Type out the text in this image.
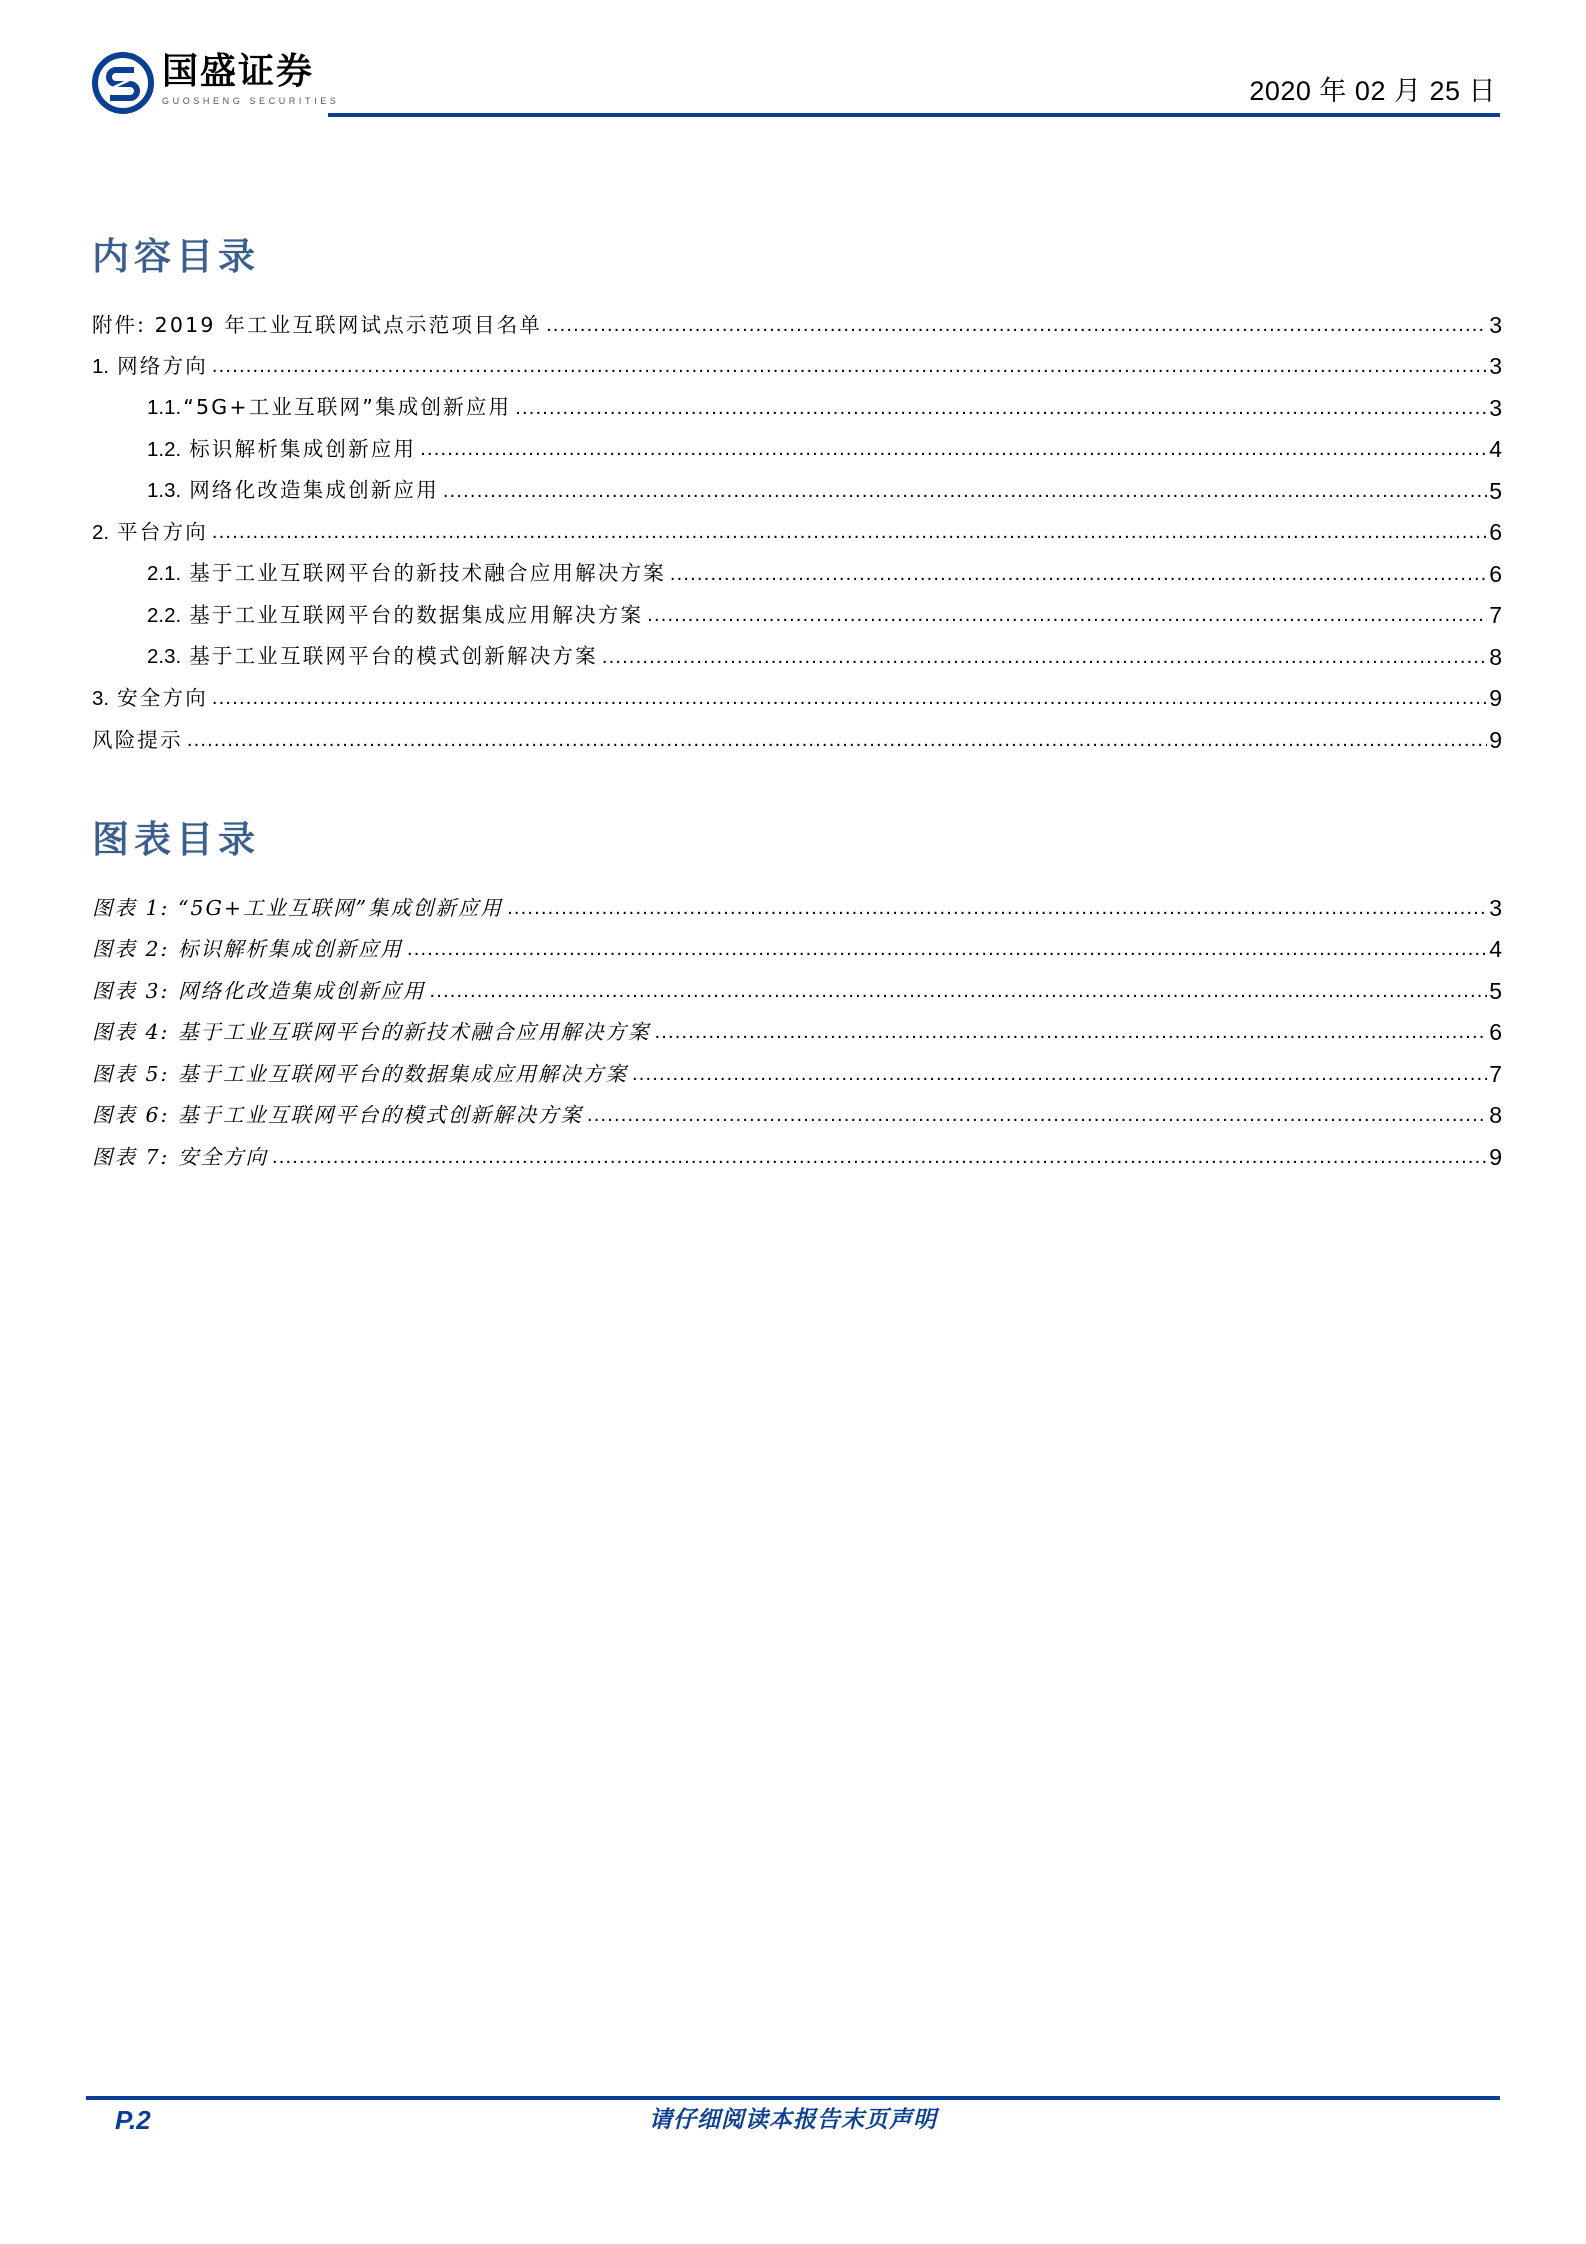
国盛证券
GUOSHENG SECURITIES	2020 年 02 月 25 日
内容目录
附件: 2019 年工业互联网试点示范项目名单 .....	3
1. 网络方向 .....	3
1.1.“5G+工业互联网”集成创新应用 .....	3
1.2. 标识解析集成创新应用 .....	4
1.3. 网络化改造集成创新应用 .....	5
2. 平台方向 .....	6
2.1. 基于工业互联网平台的新技术融合应用解决方案 .....	6
2.2. 基于工业互联网平台的数据集成应用解决方案 .....	7
2.3. 基于工业互联网平台的模式创新解决方案 .....	8
3. 安全方向 .....	9
风险提示 .....	9
图表目录
图表 1: “5G+工业互联网”集成创新应用 .....	3
图表 2: 标识解析集成创新应用 .....	4
图表 3: 网络化改造集成创新应用 .....	5
图表 4: 基于工业互联网平台的新技术融合应用解决方案 .....	6
图表 5: 基于工业互联网平台的数据集成应用解决方案 .....	7
图表 6: 基于工业互联网平台的模式创新解决方案 .....	8
图表 7: 安全方向 .....	9
P.2	请仔细阅读本报告末页声明
